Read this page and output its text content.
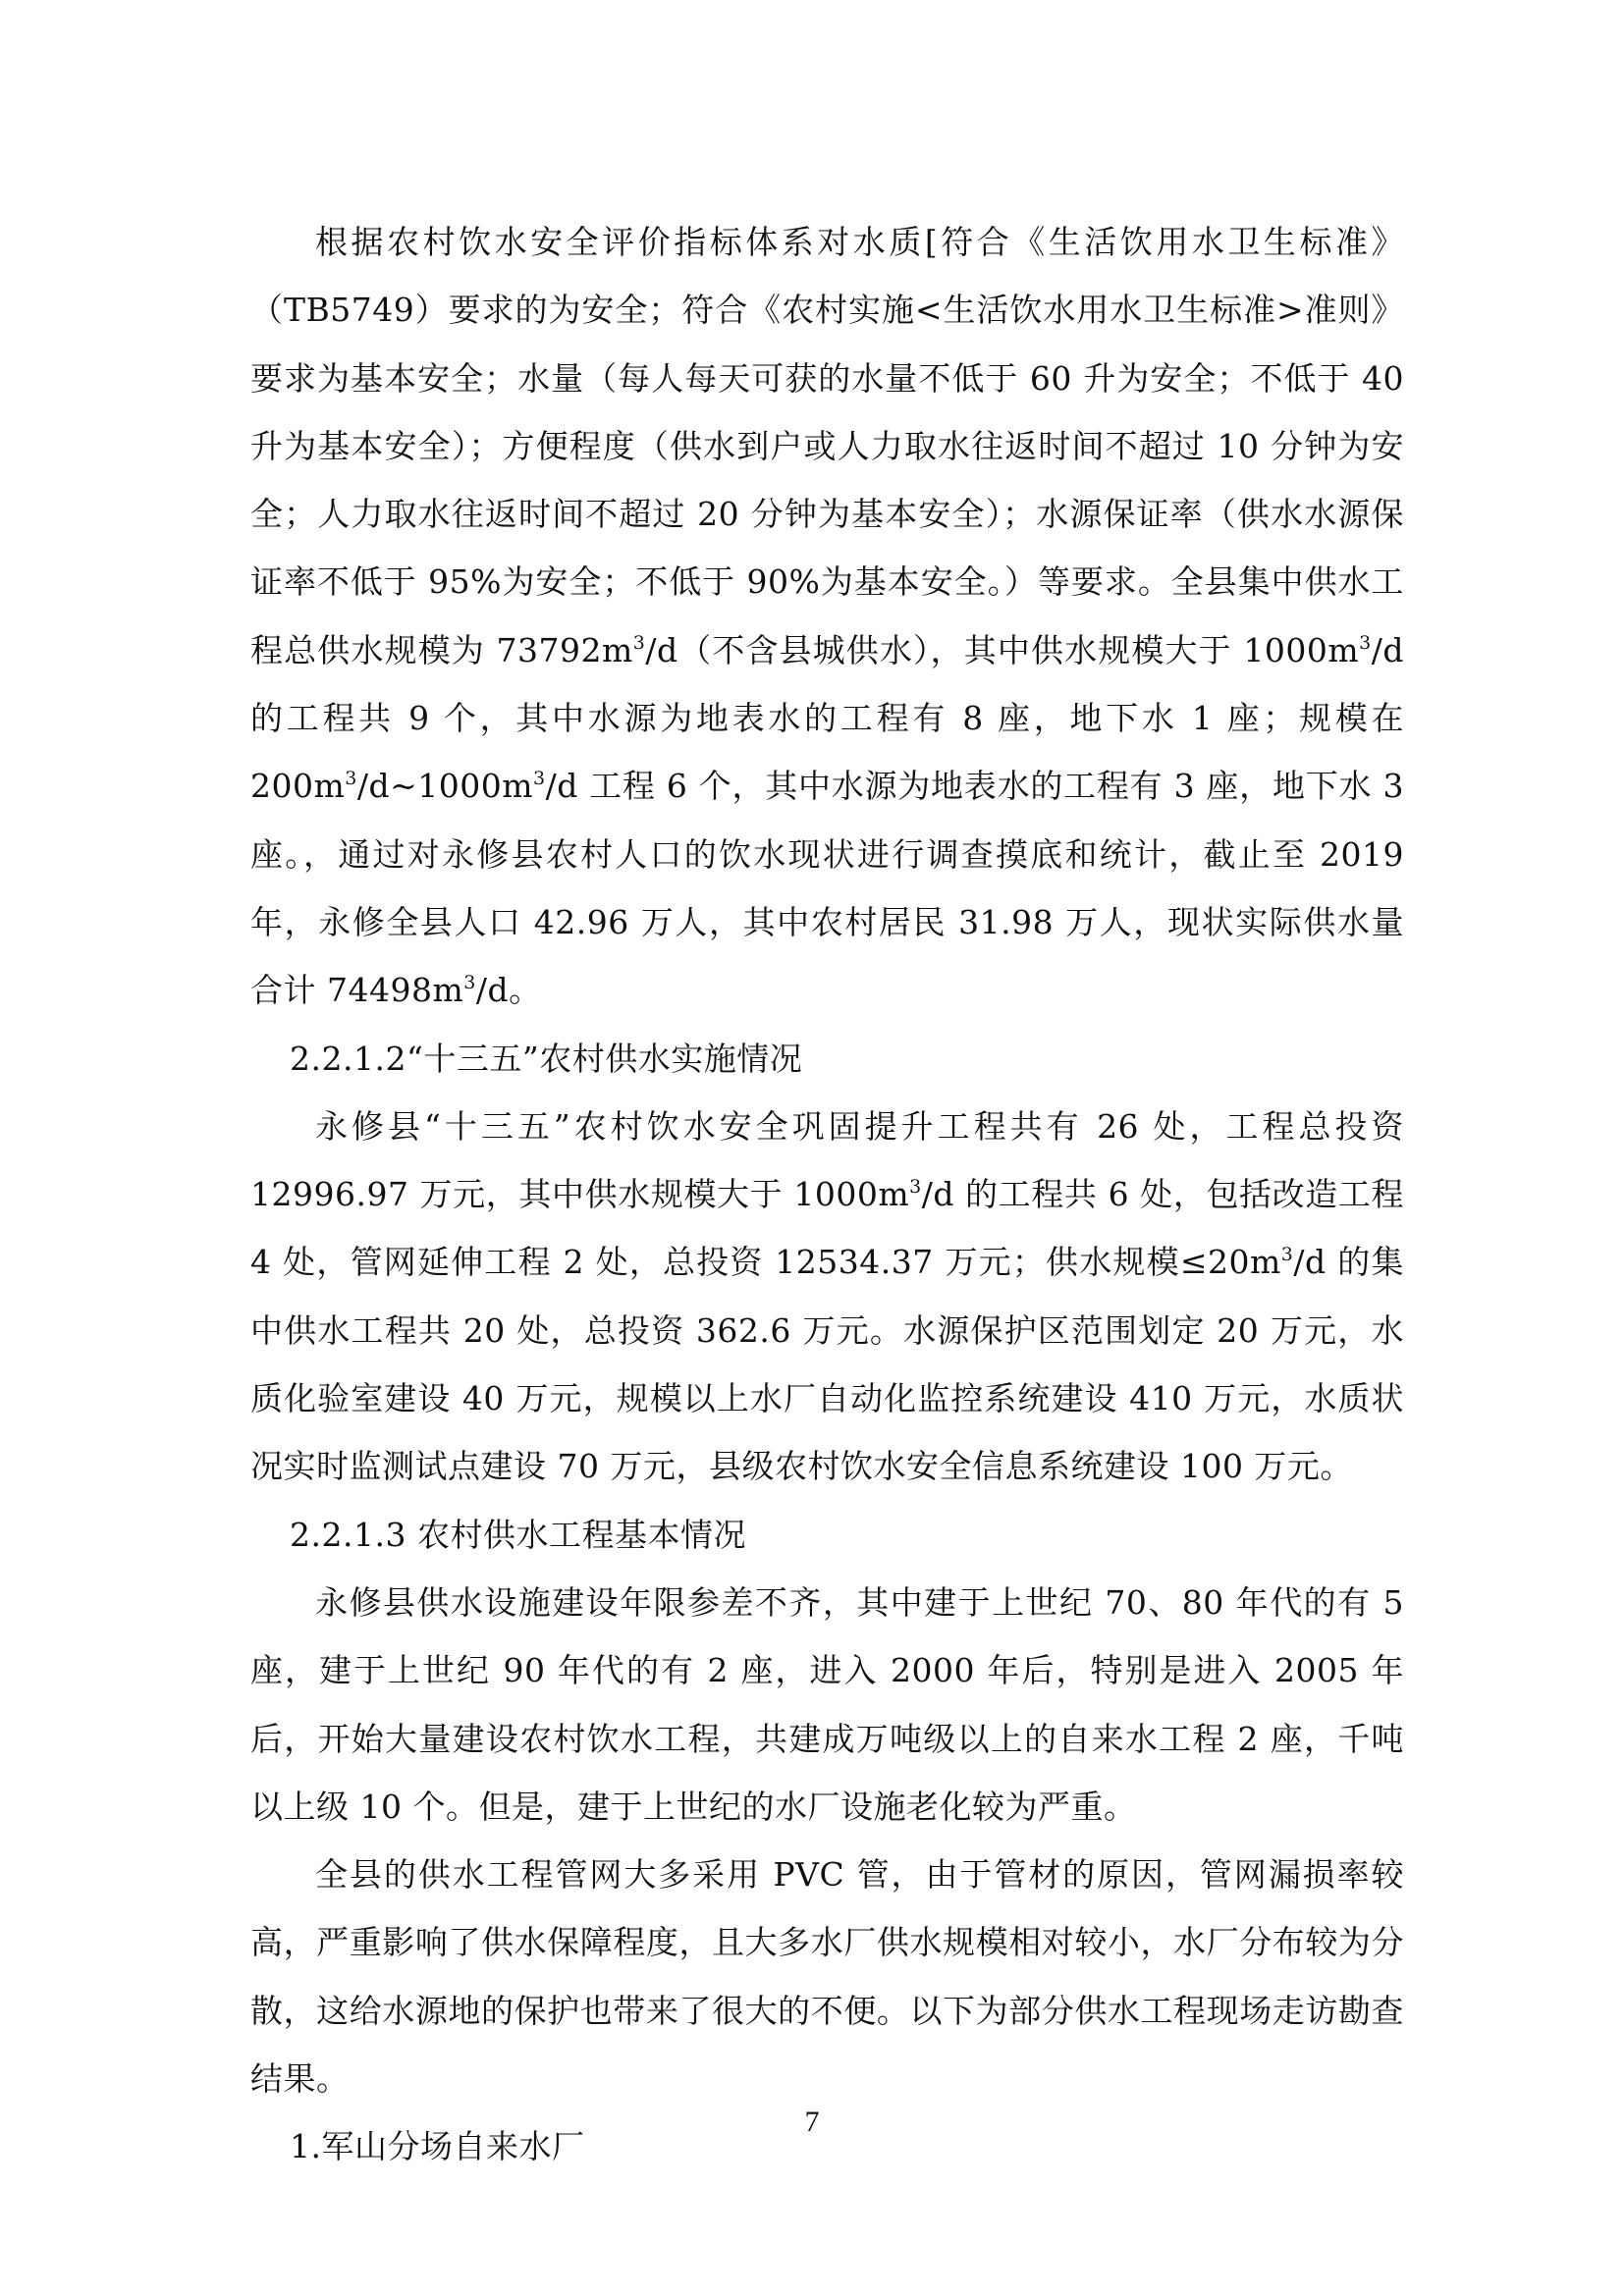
根据农村饮水安全评价指标体系对水质[符合《生活饮用水卫生标准》（TB5749）要求的为安全；符合《农村实施<生活饮水用水卫生标准>准则》要求为基本安全；水量（每人每天可获的水量不低于 60 升为安全；不低于 40 升为基本安全）；方便程度（供水到户或人力取水往返时间不超过 10 分钟为安全；人力取水往返时间不超过 20 分钟为基本安全）；水源保证率（供水水源保证率不低于 95%为安全；不低于 90%为基本安全。）等要求。全县集中供水工程总供水规模为 $73792m^3/d$（不含县城供水），其中供水规模大于 $1000m^3/d$ 的工程共 9 个，其中水源为地表水的工程有 8 座，地下水 1 座；规模在 $200m^3/d\sim 1000m^3/d$ 工程 6 个，其中水源为地表水的工程有 3 座，地下水 3 座。，通过对永修县农村人口的饮水现状进行调查摸底和统计，截止至 2019 年，永修全县人口 42.96 万人，其中农村居民 31.98 万人，现状实际供水量合计 $74498m^3/d$。

2.2.1.2“十三五”农村供水实施情况

永修县“十三五”农村饮水安全巩固提升工程共有 26 处，工程总投资 12996.97 万元，其中供水规模大于 $1000m^3/d$ 的工程共 6 处，包括改造工程 4 处，管网延伸工程 2 处，总投资 12534.37 万元；供水规模$\le 20m^3/d$ 的集中供水工程共 20 处，总投资 362.6 万元。水源保护区范围划定 20 万元，水质化验室建设 40 万元，规模以上水厂自动化监控系统建设 410 万元，水质状况实时监测试点建设 70 万元，县级农村饮水安全信息系统建设 100 万元。

2.2.1.3 农村供水工程基本情况

永修县供水设施建设年限参差不齐，其中建于上世纪 70、80 年代的有 5 座，建于上世纪 90 年代的有 2 座，进入 2000 年后，特别是进入 2005 年后，开始大量建设农村饮水工程，共建成万吨级以上的自来水工程 2 座，千吨以上级 10 个。但是，建于上世纪的水厂设施老化较为严重。

全县的供水工程管网大多采用 PVC 管，由于管材的原因，管网漏损率较高，严重影响了供水保障程度，且大多水厂供水规模相对较小，水厂分布较为分散，这给水源地的保护也带来了很大的不便。以下为部分供水工程现场走访勘查结果。

1.军山分场自来水厂

7
